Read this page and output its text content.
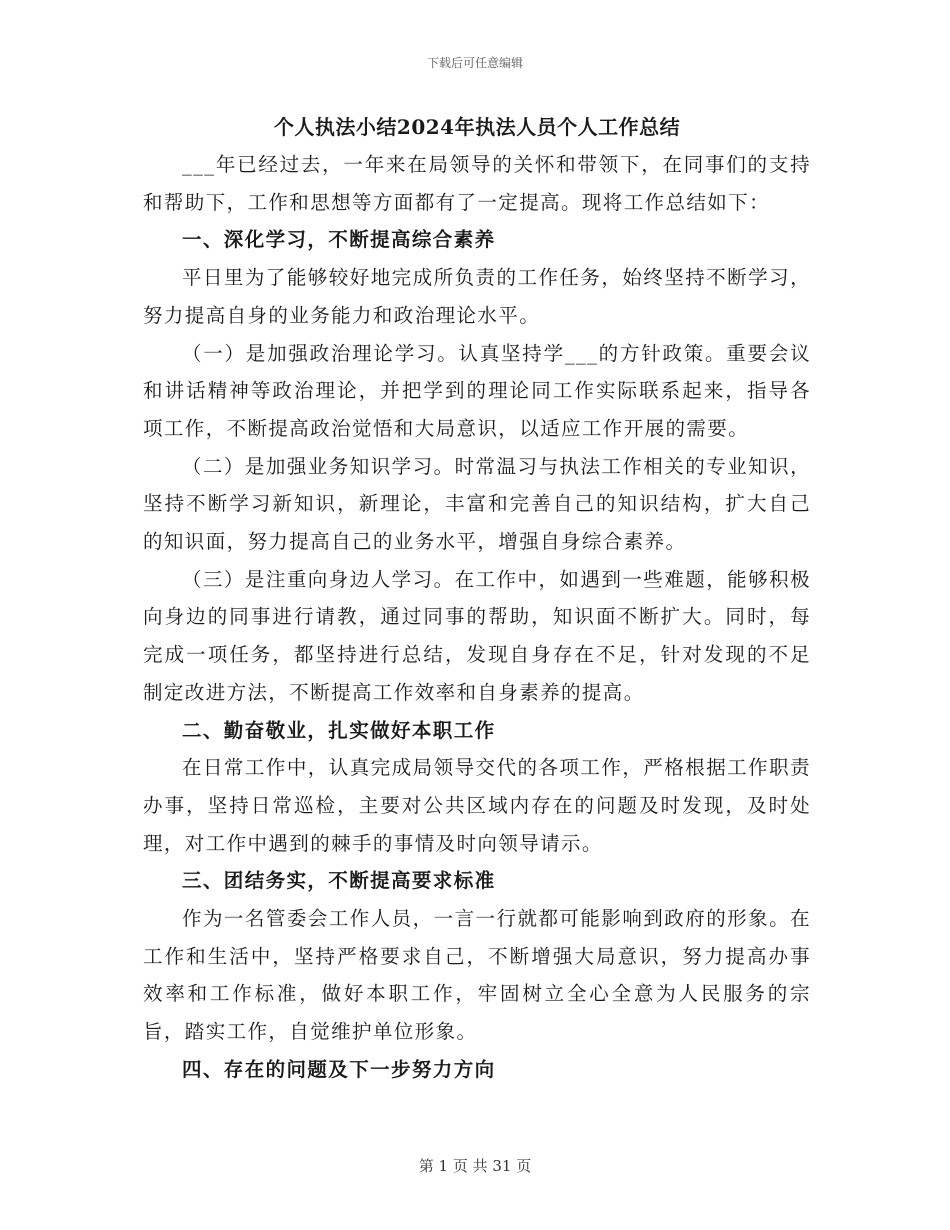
下载后可任意编辑
个人执法小结2024年执法人员个人工作总结

___年已经过去，一年来在局领导的关怀和带领下，在同事们的支持和帮助下，工作和思想等方面都有了一定提高。现将工作总结如下：

一、深化学习，不断提高综合素养

平日里为了能够较好地完成所负责的工作任务，始终坚持不断学习，努力提高自身的业务能力和政治理论水平。

（一）是加强政治理论学习。认真坚持学___的方针政策。重要会议和讲话精神等政治理论，并把学到的理论同工作实际联系起来，指导各项工作，不断提高政治觉悟和大局意识，以适应工作开展的需要。

（二）是加强业务知识学习。时常温习与执法工作相关的专业知识，坚持不断学习新知识，新理论，丰富和完善自己的知识结构，扩大自己的知识面，努力提高自己的业务水平，增强自身综合素养。

（三）是注重向身边人学习。在工作中，如遇到一些难题，能够积极向身边的同事进行请教，通过同事的帮助，知识面不断扩大。同时，每完成一项任务，都坚持进行总结，发现自身存在不足，针对发现的不足制定改进方法，不断提高工作效率和自身素养的提高。

二、勤奋敬业，扎实做好本职工作

在日常工作中，认真完成局领导交代的各项工作，严格根据工作职责办事，坚持日常巡检，主要对公共区域内存在的问题及时发现，及时处理，对工作中遇到的棘手的事情及时向领导请示。

三、团结务实，不断提高要求标准

作为一名管委会工作人员，一言一行就都可能影响到政府的形象。在工作和生活中，坚持严格要求自己，不断增强大局意识，努力提高办事效率和工作标准，做好本职工作，牢固树立全心全意为人民服务的宗旨，踏实工作，自觉维护单位形象。

四、存在的问题及下一步努力方向

第 1 页 共 31 页
